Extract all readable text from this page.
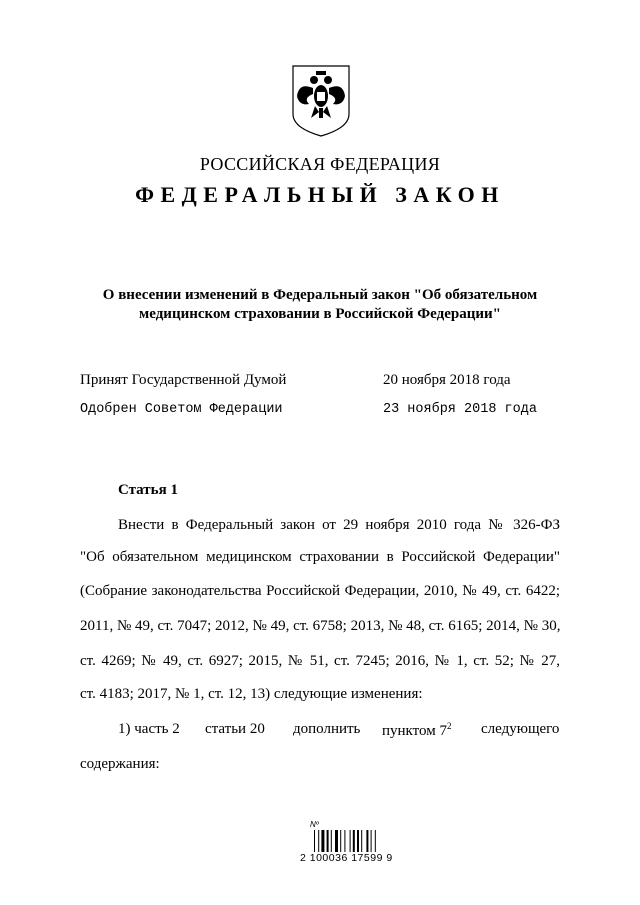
РОССИЙСКАЯ ФЕДЕРАЦИЯ
ФЕДЕРАЛЬНЫЙ ЗАКОН
О внесении изменений в Федеральный закон "Об обязательном
медицинском страховании в Российской Федерации"
Принят Государственной Думой	20 ноября 2018 года
Одобрен Советом Федерации	23 ноября 2018 года
Статья 1
Внести в Федеральный закон от 29 ноября 2010 года № 326-ФЗ
"Об обязательном медицинском страховании в Российской Федерации"
(Собрание законодательства Российской Федерации, 2010, № 49, ст. 6422;
2011, № 49, ст. 7047; 2012, № 49, ст. 6758; 2013, № 48, ст. 6165; 2014, № 30,
ст. 4269; № 49, ст. 6927; 2015, № 51, ст. 7245; 2016, № 1, ст. 52; № 27,
ст. 4183; 2017, № 1, ст. 12, 13) следующие изменения:
1) часть 2 статьи 20 дополнить пунктом $7^2$ следующего
содержания:
Nº
2 100036 17599 9
